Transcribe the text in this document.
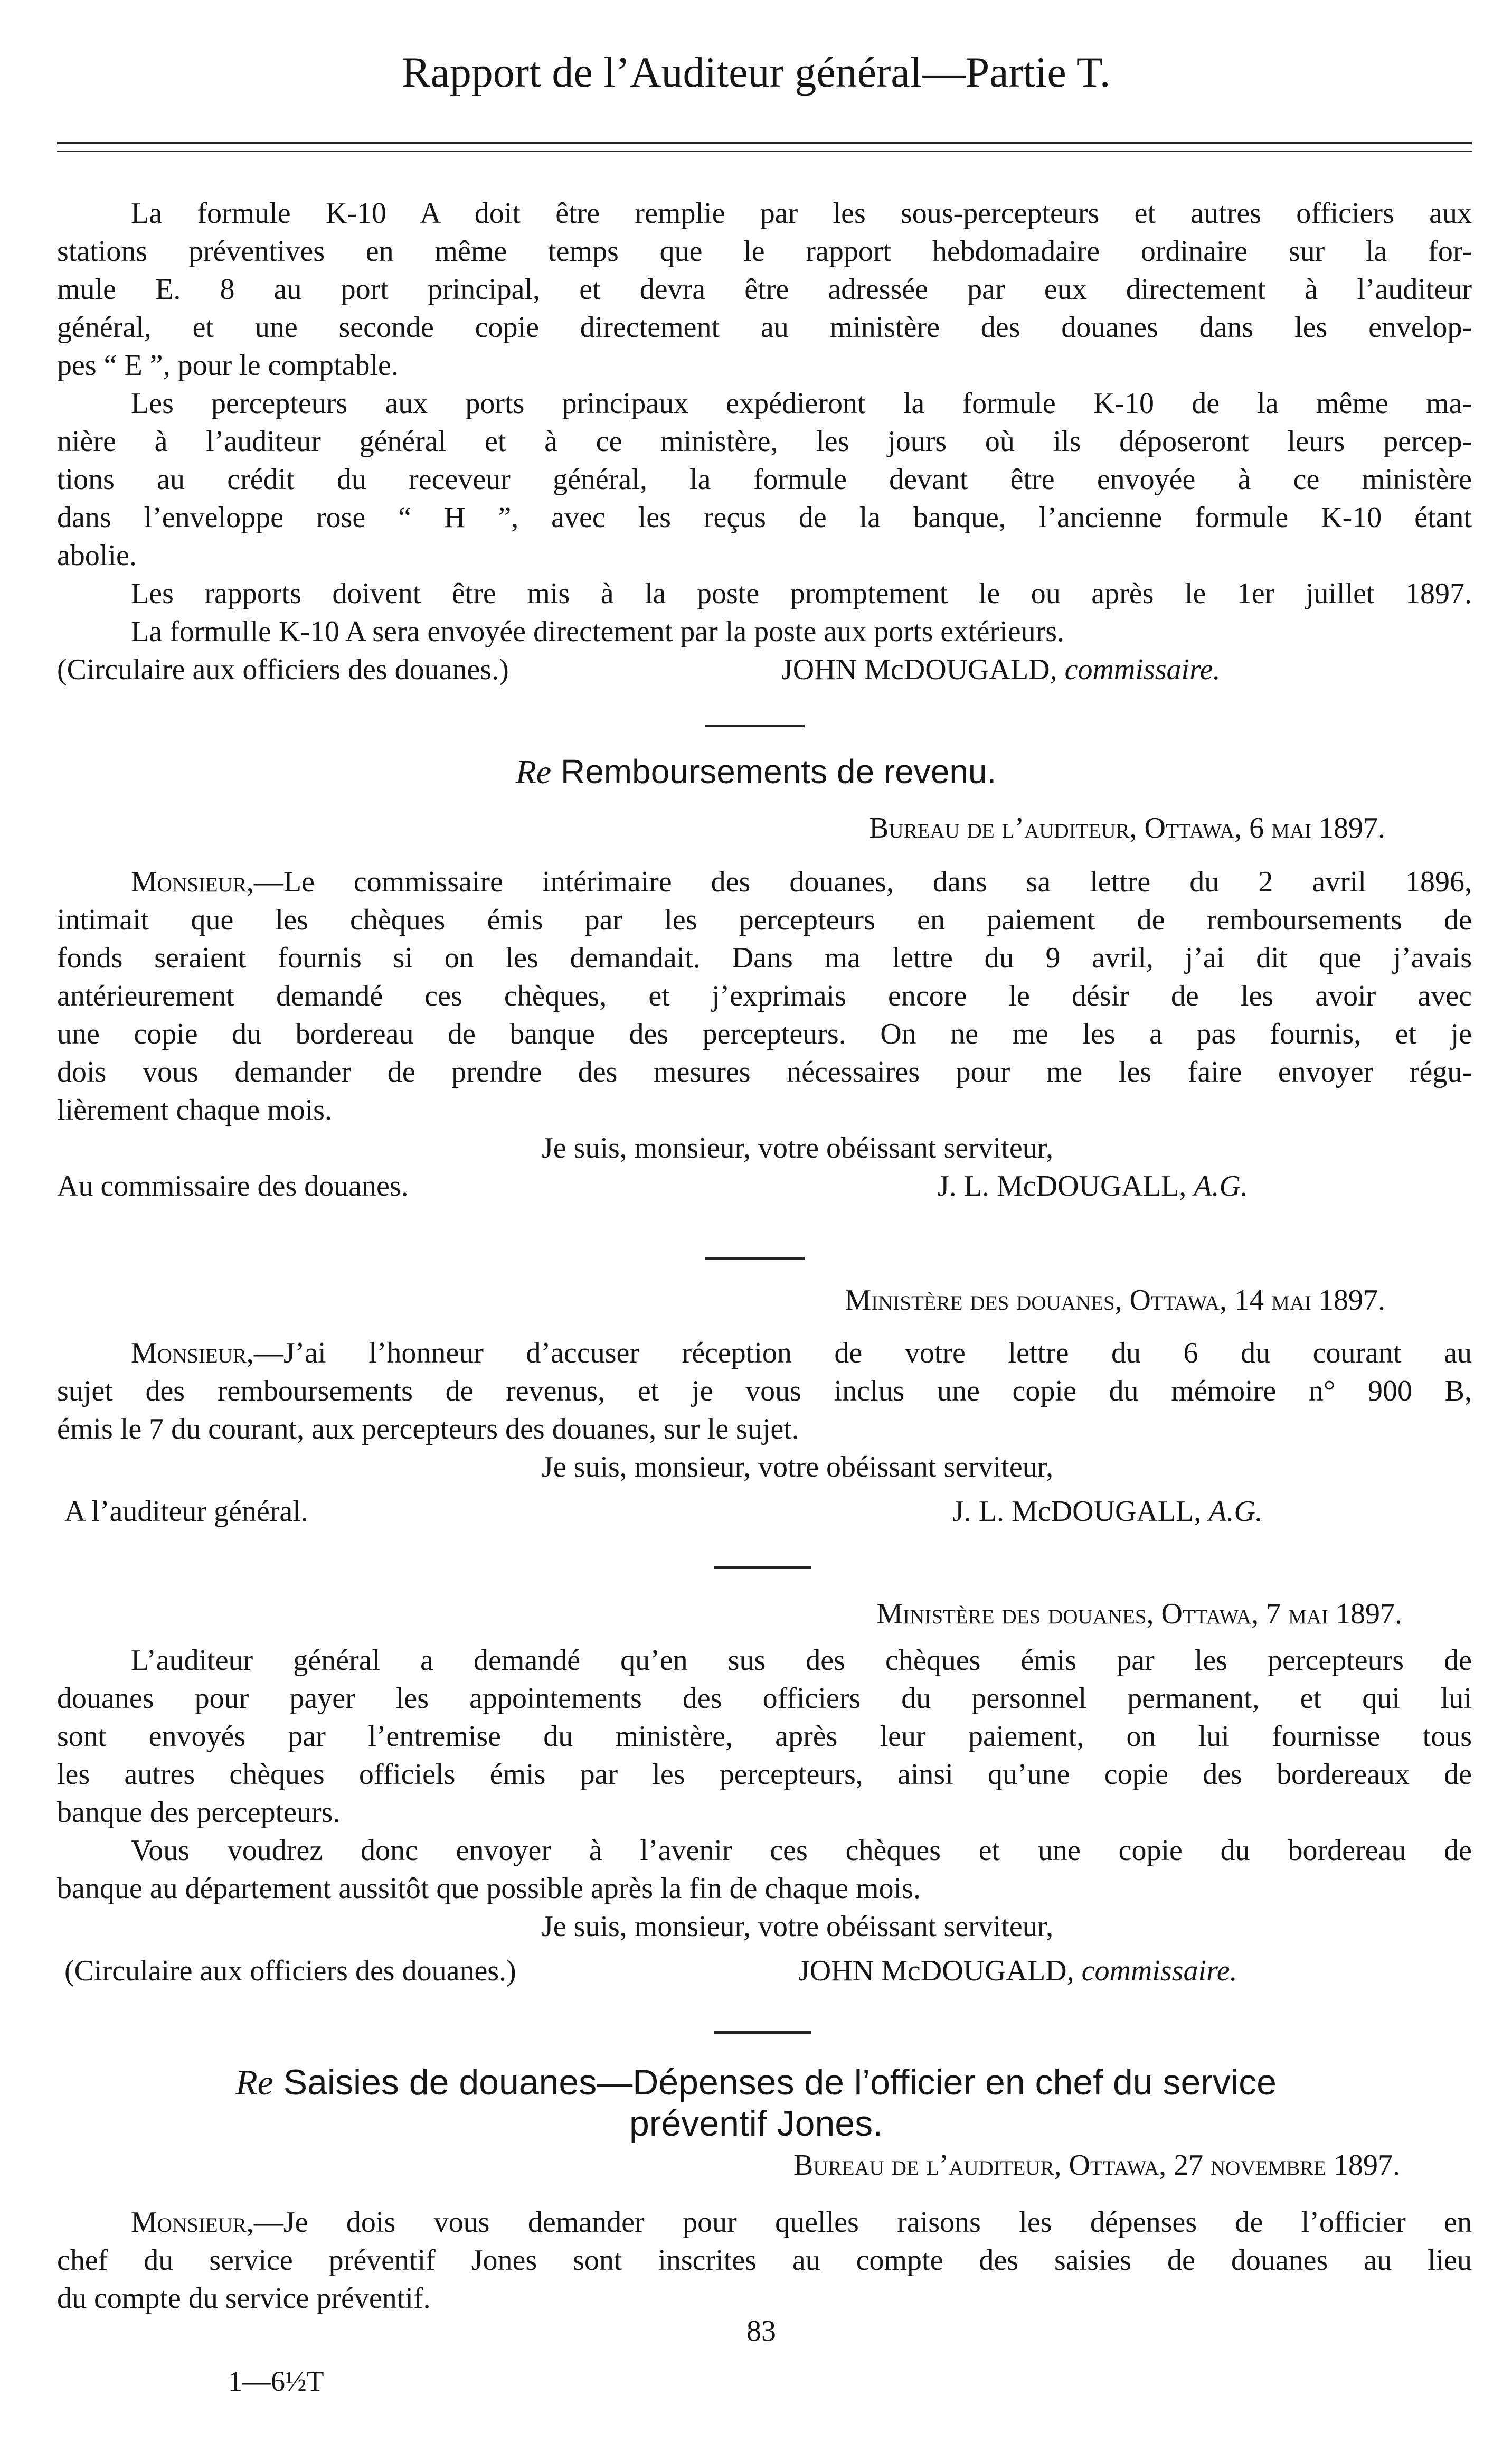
Rapport de l’Auditeur général—Partie T.
La formule K-10 A doit être remplie par les sous-percepteurs et autres officiers aux
stations préventives en même temps que le rapport hebdomadaire ordinaire sur la for-
mule E. 8 au port principal, et devra être adressée par eux directement à l’auditeur
général, et une seconde copie directement au ministère des douanes dans les envelop-
pes “ E ”, pour le comptable.
Les percepteurs aux ports principaux expédieront la formule K-10 de la même ma-
nière à l’auditeur général et à ce ministère, les jours où ils déposeront leurs percep-
tions au crédit du receveur général, la formule devant être envoyée à ce ministère
dans l’enveloppe rose “ H ”, avec les reçus de la banque, l’ancienne formule K-10 étant
abolie.
Les rapports doivent être mis à la poste promptement le ou après le 1er juillet 1897.
La formulle K-10 A sera envoyée directement par la poste aux ports extérieurs.
(Circulaire aux officiers des douanes.)	JOHN McDOUGALD, commissaire.
Re Remboursements de revenu.
Bureau de l’auditeur, Ottawa, 6 mai 1897.
Monsieur,—Le commissaire intérimaire des douanes, dans sa lettre du 2 avril 1896,
intimait que les chèques émis par les percepteurs en paiement de remboursements de
fonds seraient fournis si on les demandait. Dans ma lettre du 9 avril, j’ai dit que j’avais
antérieurement demandé ces chèques, et j’exprimais encore le désir de les avoir avec
une copie du bordereau de banque des percepteurs. On ne me les a pas fournis, et je
dois vous demander de prendre des mesures nécessaires pour me les faire envoyer régu-
lièrement chaque mois.
Je suis, monsieur, votre obéissant serviteur,
Au commissaire des douanes.	J. L. McDOUGALL, A.G.
Ministère des douanes, Ottawa, 14 mai 1897.
Monsieur,—J’ai l’honneur d’accuser réception de votre lettre du 6 du courant au
sujet des remboursements de revenus, et je vous inclus une copie du mémoire n° 900 B,
émis le 7 du courant, aux percepteurs des douanes, sur le sujet.
Je suis, monsieur, votre obéissant serviteur,
A l’auditeur général.	J. L. McDOUGALL, A.G.
Ministère des douanes, Ottawa, 7 mai 1897.
L’auditeur général a demandé qu’en sus des chèques émis par les percepteurs de
douanes pour payer les appointements des officiers du personnel permanent, et qui lui
sont envoyés par l’entremise du ministère, après leur paiement, on lui fournisse tous
les autres chèques officiels émis par les percepteurs, ainsi qu’une copie des bordereaux de
banque des percepteurs.
Vous voudrez donc envoyer à l’avenir ces chèques et une copie du bordereau de
banque au département aussitôt que possible après la fin de chaque mois.
Je suis, monsieur, votre obéissant serviteur,
(Circulaire aux officiers des douanes.)	JOHN McDOUGALD, commissaire.
Re Saisies de douanes—Dépenses de l’officier en chef du service
préventif Jones.
Bureau de l’auditeur, Ottawa, 27 novembre 1897.
Monsieur,—Je dois vous demander pour quelles raisons les dépenses de l’officier en
chef du service préventif Jones sont inscrites au compte des saisies de douanes au lieu
du compte du service préventif.
83
1—6½T
